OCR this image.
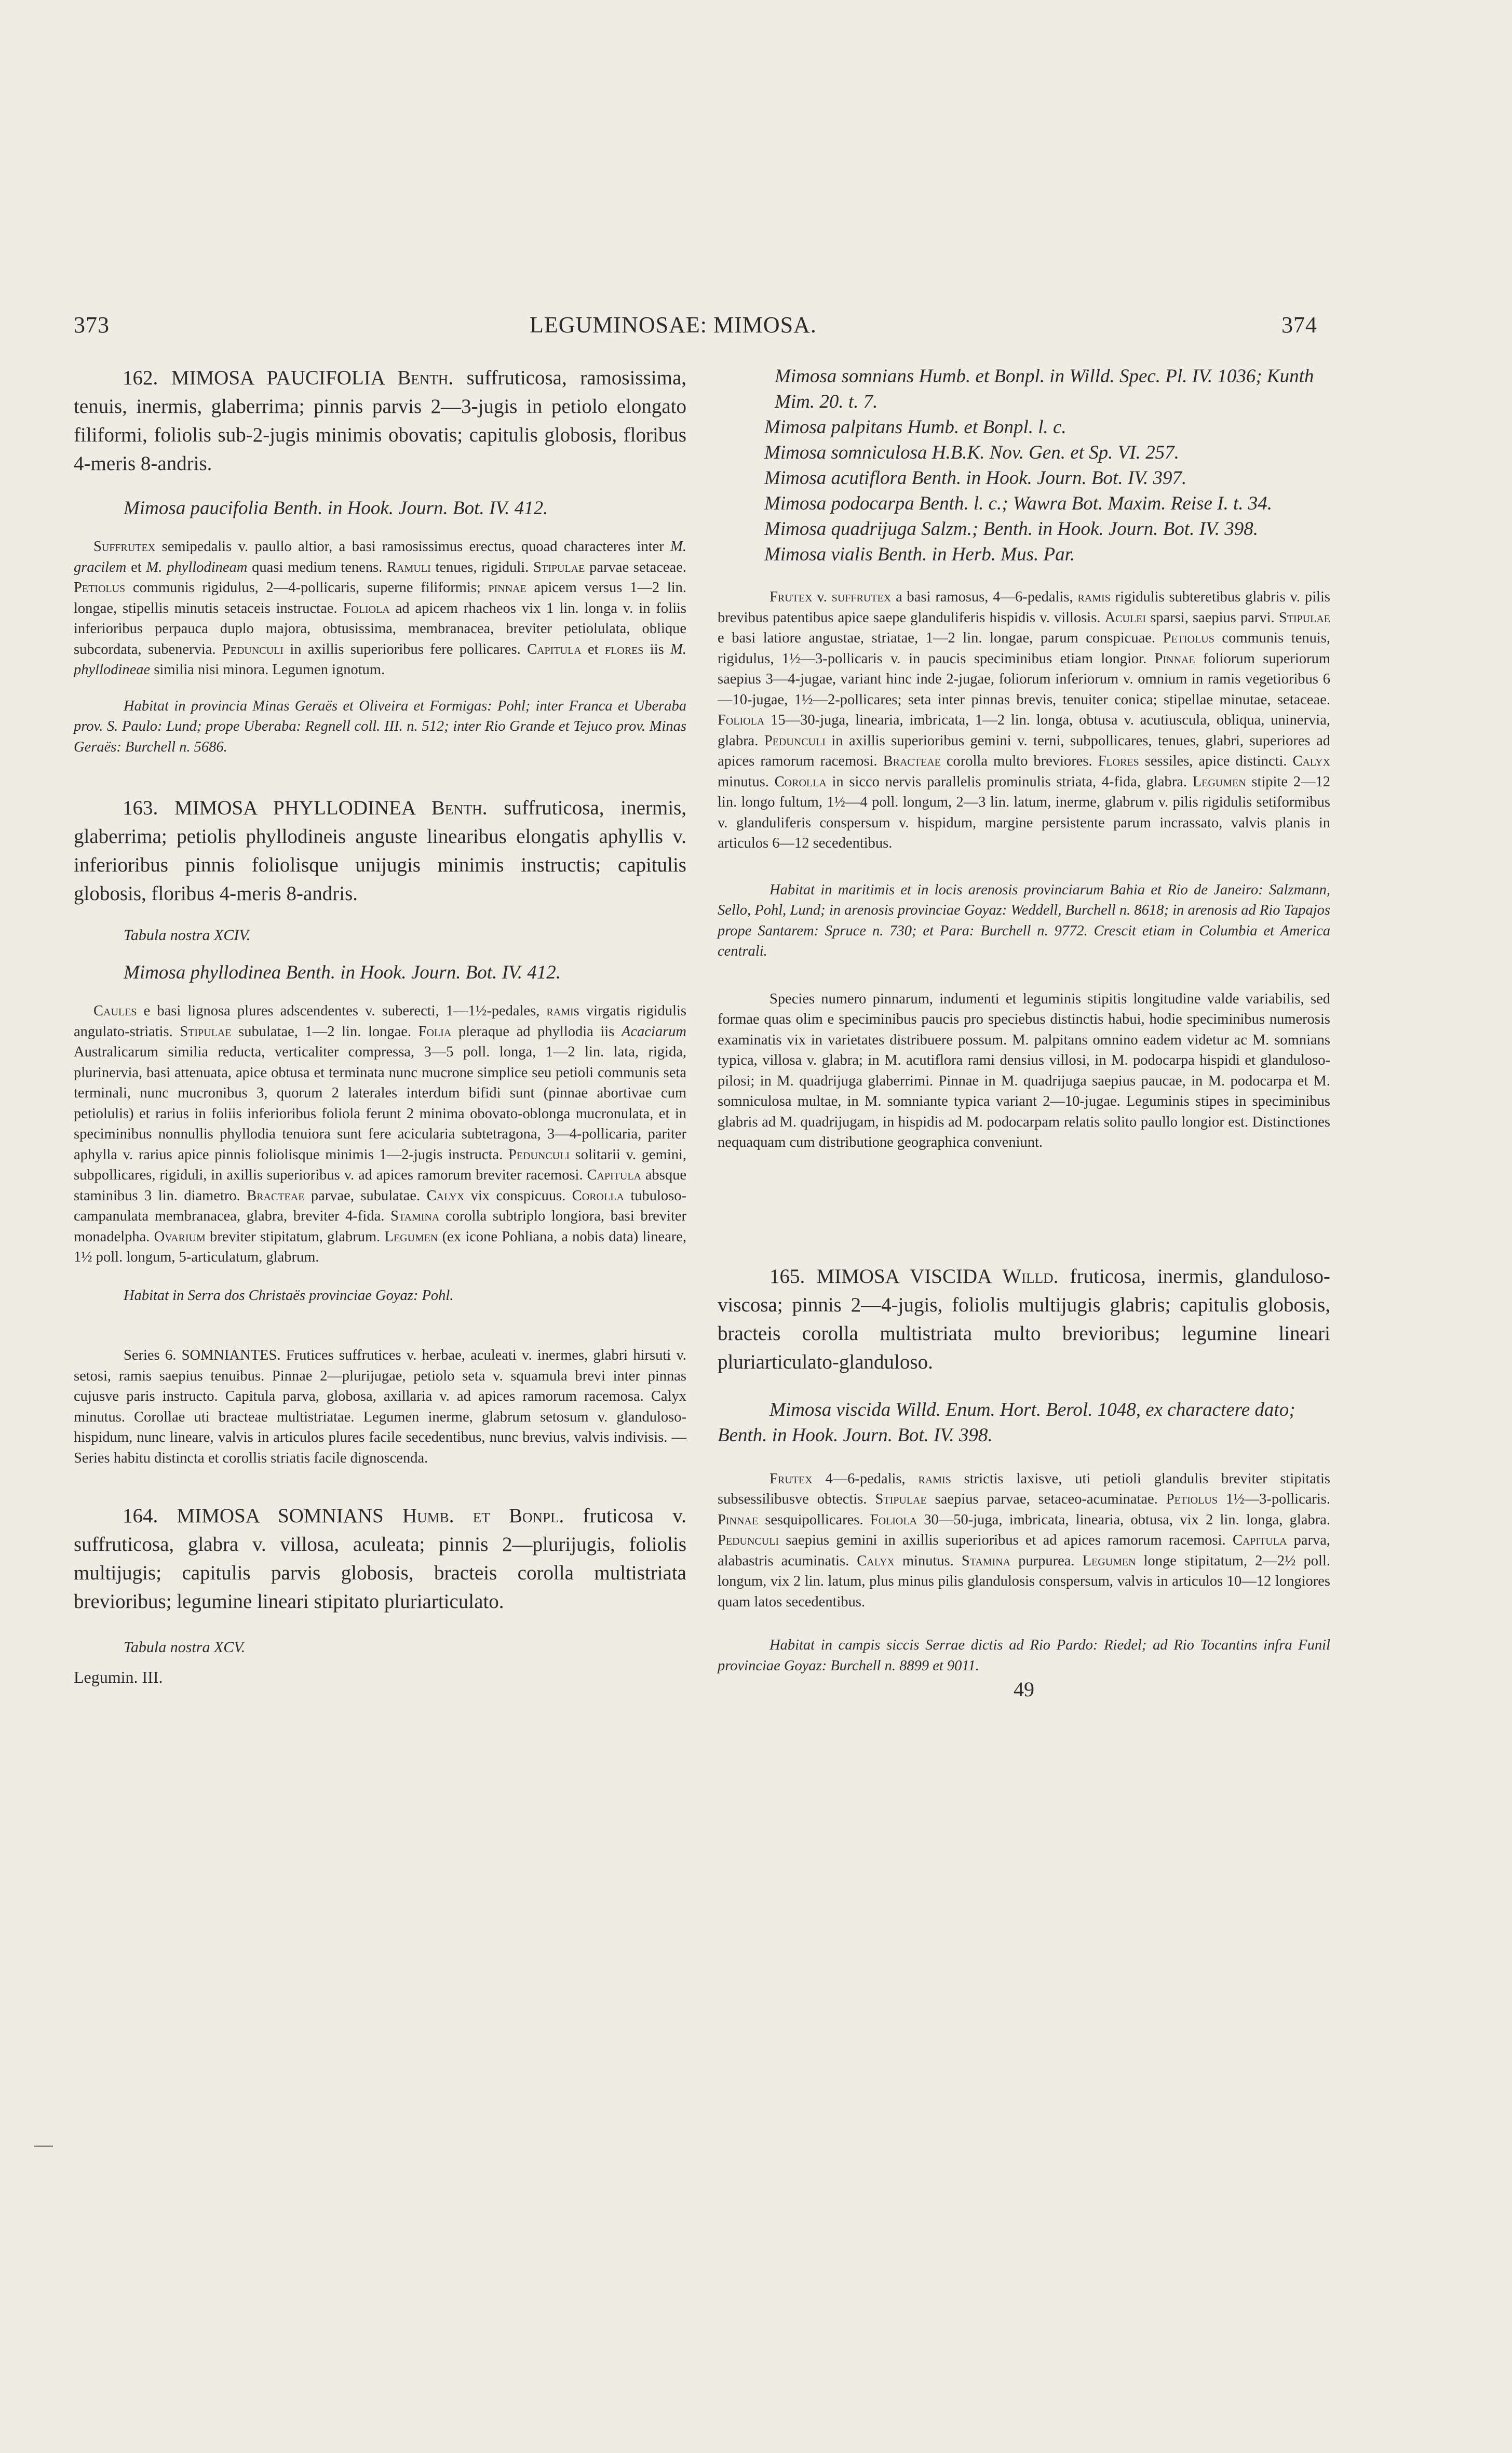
373	LEGUMINOSAE: MIMOSA.	374

162. MIMOSA PAUCIFOLIA Benth. suffruticosa, ramosissima, tenuis, inermis, glaberrima; pinnis parvis 2—3-jugis in petiolo elongato filiformi, foliolis sub-2-jugis minimis obovatis; capitulis globosis, floribus 4-meris 8-andris.

Mimosa paucifolia Benth. in Hook. Journ. Bot. IV. 412.

Suffrutex semipedalis v. paullo altior, a basi ramosissimus erectus, quoad characteres inter M. gracilem et M. phyllodineam quasi medium tenens. Ramuli tenues, rigiduli. Stipulae parvae setaceae. Petiolus communis rigidulus, 2—4-pollicaris, superne filiformis; pinnae apicem versus 1—2 lin. longae, stipellis minutis setaceis instructae. Foliola ad apicem rhacheos vix 1 lin. longa v. in foliis inferioribus perpauca duplo majora, obtusissima, membranacea, breviter petiolulata, oblique subcordata, subenervia. Pedunculi in axillis superioribus fere pollicares. Capitula et flores iis M. phyllodineae similia nisi minora. Legumen ignotum.

Habitat in provincia Minas Geraës et Oliveira et Formigas: Pohl; inter Franca et Uberaba prov. S. Paulo: Lund; prope Uberaba: Regnell coll. III. n. 512; inter Rio Grande et Tejuco prov. Minas Geraës: Burchell n. 5686.

163. MIMOSA PHYLLODINEA Benth. suffruticosa, inermis, glaberrima; petiolis phyllodineis anguste linearibus elongatis aphyllis v. inferioribus pinnis foliolisque unijugis minimis instructis; capitulis globosis, floribus 4-meris 8-andris.

Tabula nostra XCIV.

Mimosa phyllodinea Benth. in Hook. Journ. Bot. IV. 412.

Caules e basi lignosa plures adscendentes v. suberecti, 1—1½-pedales, ramis virgatis rigidulis angulato-striatis. Stipulae subulatae, 1—2 lin. longae. Folia pleraque ad phyllodia iis Acaciarum Australicarum similia reducta, verticaliter compressa, 3—5 poll. longa, 1—2 lin. lata, rigida, plurinervia, basi attenuata, apice obtusa et terminata nunc mucrone simplice seu petioli communis seta terminali, nunc mucronibus 3, quorum 2 laterales interdum bifidi sunt (pinnae abortivae cum petiolulis) et rarius in foliis inferioribus foliola ferunt 2 minima obovato-oblonga mucronulata, et in speciminibus nonnullis phyllodia tenuiora sunt fere acicularia subtetragona, 3—4-pollicaria, pariter aphylla v. rarius apice pinnis foliolisque minimis 1—2-jugis instructa. Pedunculi solitarii v. gemini, subpollicares, rigiduli, in axillis superioribus v. ad apices ramorum breviter racemosi. Capitula absque staminibus 3 lin. diametro. Bracteae parvae, subulatae. Calyx vix conspicuus. Corolla tubuloso-campanulata membranacea, glabra, breviter 4-fida. Stamina corolla subtriplo longiora, basi breviter monadelpha. Ovarium breviter stipitatum, glabrum. Legumen (ex icone Pohliana, a nobis data) lineare, 1½ poll. longum, 5-articulatum, glabrum.

Habitat in Serra dos Christaës provinciae Goyaz: Pohl.

Series 6. SOMNIANTES. Frutices suffrutices v. herbae, aculeati v. inermes, glabri hirsuti v. setosi, ramis saepius tenuibus. Pinnae 2—plurijugae, petiolo seta v. squamula brevi inter pinnas cujusve paris instructo. Capitula parva, globosa, axillaria v. ad apices ramorum racemosa. Calyx minutus. Corollae uti bracteae multistriatae. Legumen inerme, glabrum setosum v. glanduloso-hispidum, nunc lineare, valvis in articulos plures facile secedentibus, nunc brevius, valvis indivisis. — Series habitu distincta et corollis striatis facile dignoscenda.

164. MIMOSA SOMNIANS Humb. et Bonpl. fruticosa v. suffruticosa, glabra v. villosa, aculeata; pinnis 2—plurijugis, foliolis multijugis; capitulis parvis globosis, bracteis corolla multistriata brevioribus; legumine lineari stipitato pluriarticulato.

Tabula nostra XCV.

Legumin. III.

Mimosa somnians Humb. et Bonpl. in Willd. Spec. Pl. IV. 1036; Kunth Mim. 20. t. 7.

Mimosa palpitans Humb. et Bonpl. l. c.

Mimosa somniculosa H.B.K. Nov. Gen. et Sp. VI. 257.

Mimosa acutiflora Benth. in Hook. Journ. Bot. IV. 397.

Mimosa podocarpa Benth. l. c.; Wawra Bot. Maxim. Reise I. t. 34.

Mimosa quadrijuga Salzm.; Benth. in Hook. Journ. Bot. IV. 398.

Mimosa vialis Benth. in Herb. Mus. Par.

Frutex v. suffrutex a basi ramosus, 4—6-pedalis, ramis rigidulis subteretibus glabris v. pilis brevibus patentibus apice saepe glanduliferis hispidis v. villosis. Aculei sparsi, saepius parvi. Stipulae e basi latiore angustae, striatae, 1—2 lin. longae, parum conspicuae. Petiolus communis tenuis, rigidulus, 1½—3-pollicaris v. in paucis speciminibus etiam longior. Pinnae foliorum superiorum saepius 3—4-jugae, variant hinc inde 2-jugae, foliorum inferiorum v. omnium in ramis vegetioribus 6—10-jugae, 1½—2-pollicares; seta inter pinnas brevis, tenuiter conica; stipellae minutae, setaceae. Foliola 15—30-juga, linearia, imbricata, 1—2 lin. longa, obtusa v. acutiuscula, obliqua, uninervia, glabra. Pedunculi in axillis superioribus gemini v. terni, subpollicares, tenues, glabri, superiores ad apices ramorum racemosi. Bracteae corolla multo breviores. Flores sessiles, apice distincti. Calyx minutus. Corolla in sicco nervis parallelis prominulis striata, 4-fida, glabra. Legumen stipite 2—12 lin. longo fultum, 1½—4 poll. longum, 2—3 lin. latum, inerme, glabrum v. pilis rigidulis setiformibus v. glanduliferis conspersum v. hispidum, margine persistente parum incrassato, valvis planis in articulos 6—12 secedentibus.

Habitat in maritimis et in locis arenosis provinciarum Bahia et Rio de Janeiro: Salzmann, Sello, Pohl, Lund; in arenosis provinciae Goyaz: Weddell, Burchell n. 8618; in arenosis ad Rio Tapajos prope Santarem: Spruce n. 730; et Para: Burchell n. 9772. Crescit etiam in Columbia et America centrali.

Species numero pinnarum, indumenti et leguminis stipitis longitudine valde variabilis, sed formae quas olim e speciminibus paucis pro speciebus distinctis habui, hodie speciminibus numerosis examinatis vix in varietates distribuere possum. M. palpitans omnino eadem videtur ac M. somnians typica, villosa v. glabra; in M. acutiflora rami densius villosi, in M. podocarpa hispidi et glanduloso-pilosi; in M. quadrijuga glaberrimi. Pinnae in M. quadrijuga saepius paucae, in M. podocarpa et M. somniculosa multae, in M. somniante typica variant 2—10-jugae. Leguminis stipes in speciminibus glabris ad M. quadrijugam, in hispidis ad M. podocarpam relatis solito paullo longior est. Distinctiones nequaquam cum distributione geographica conveniunt.

165. MIMOSA VISCIDA Willd. fruticosa, inermis, glanduloso-viscosa; pinnis 2—4-jugis, foliolis multijugis glabris; capitulis globosis, bracteis corolla multistriata multo brevioribus; legumine lineari pluriarticulato-glanduloso.

Mimosa viscida Willd. Enum. Hort. Berol. 1048, ex charactere dato; Benth. in Hook. Journ. Bot. IV. 398.

Frutex 4—6-pedalis, ramis strictis laxisve, uti petioli glandulis breviter stipitatis subsessilibusve obtectis. Stipulae saepius parvae, setaceo-acuminatae. Petiolus 1½—3-pollicaris. Pinnae sesquipollicares. Foliola 30—50-juga, imbricata, linearia, obtusa, vix 2 lin. longa, glabra. Pedunculi saepius gemini in axillis superioribus et ad apices ramorum racemosi. Capitula parva, alabastris acuminatis. Calyx minutus. Stamina purpurea. Legumen longe stipitatum, 2—2½ poll. longum, vix 2 lin. latum, plus minus pilis glandulosis conspersum, valvis in articulos 10—12 longiores quam latos secedentibus.

Habitat in campis siccis Serrae dictis ad Rio Pardo: Riedel; ad Rio Tocantins infra Funil provinciae Goyaz: Burchell n. 8899 et 9011.

49
